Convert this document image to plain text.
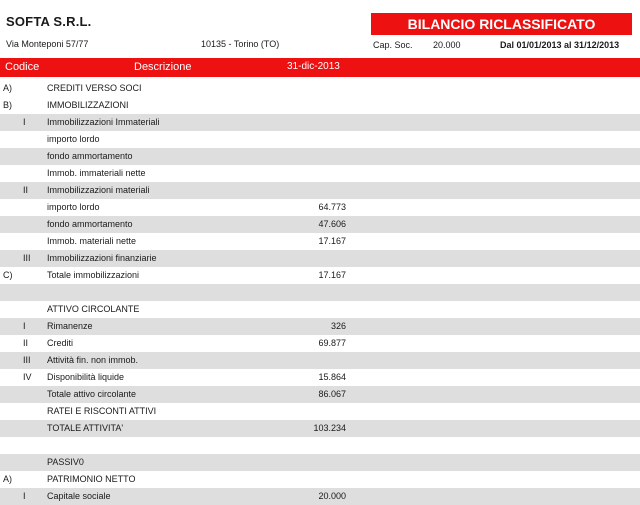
SOFTA S.R.L.
Via Monteponi 57/77	10135 - Torino (TO)
BILANCIO RICLASSIFICATO
Cap. Soc. 20.000	Dal 01/01/2013 al 31/12/2013
Codice	Descrizione	31-dic-2013
A)	CREDITI VERSO SOCI
B)	IMMOBILIZZAZIONI
I Immobilizzazioni Immateriali
importo lordo
fondo ammortamento
Immob. immateriali nette
II Immobilizzazioni materiali
importo lordo	64.773
fondo ammortamento	47.606
Immob. materiali nette	17.167
III Immobilizzazioni finanziarie
C)	Totale immobilizzazioni	17.167
ATTIVO CIRCOLANTE
I Rimanenze	326
II Crediti	69.877
III Attività fin. non immob.
IV Disponibilità liquide	15.864
Totale attivo circolante	86.067
RATEI E RISCONTI ATTIVI
TOTALE ATTIVITA'	103.234
PASSIV0
A)	PATRIMONIO NETTO
I Capitale sociale	20.000
